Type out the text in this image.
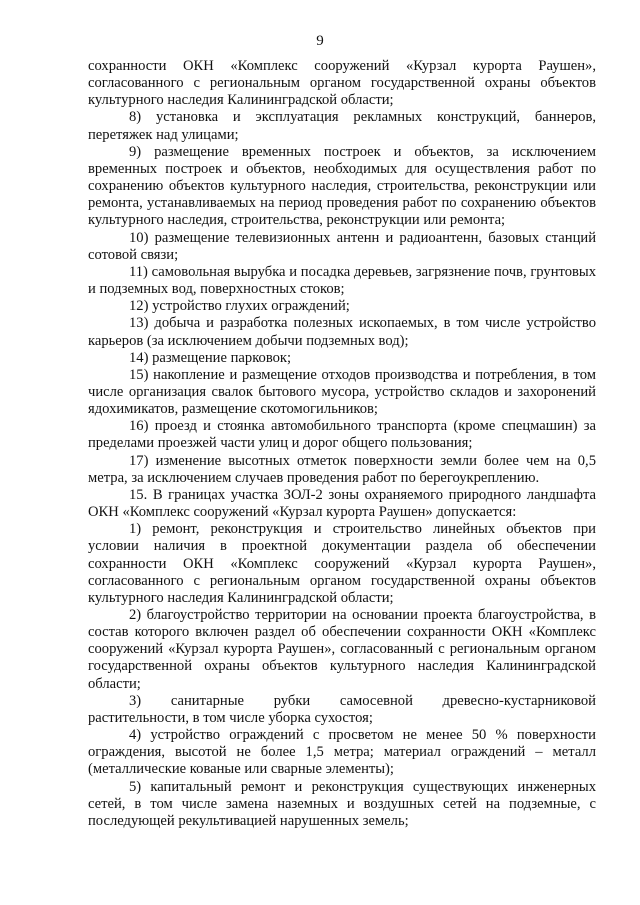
9

сохранности ОКН «Комплекс сооружений «Курзал курорта Раушен», согласованного с региональным органом государственной охраны объектов культурного наследия Калининградской области;

8) установка и эксплуатация рекламных конструкций, баннеров, перетяжек над улицами;

9) размещение временных построек и объектов, за исключением временных построек и объектов, необходимых для осуществления работ по сохранению объектов культурного наследия, строительства, реконструкции или ремонта, устанавливаемых на период проведения работ по сохранению объектов культурного наследия, строительства, реконструкции или ремонта;

10) размещение телевизионных антенн и радиоантенн, базовых станций сотовой связи;

11) самовольная вырубка и посадка деревьев, загрязнение почв, грунтовых и подземных вод, поверхностных стоков;

12) устройство глухих ограждений;

13) добыча и разработка полезных ископаемых, в том числе устройство карьеров (за исключением добычи подземных вод);

14) размещение парковок;

15) накопление и размещение отходов производства и потребления, в том числе организация свалок бытового мусора, устройство складов и захоронений ядохимикатов, размещение скотомогильников;

16) проезд и стоянка автомобильного транспорта (кроме спецмашин) за пределами проезжей части улиц и дорог общего пользования;

17) изменение высотных отметок поверхности земли более чем на 0,5 метра, за исключением случаев проведения работ по берегоукреплению.

15. В границах участка ЗОЛ-2 зоны охраняемого природного ландшафта ОКН «Комплекс сооружений «Курзал курорта Раушен» допускается:

1) ремонт, реконструкция и строительство линейных объектов при условии наличия в проектной документации раздела об обеспечении сохранности ОКН «Комплекс сооружений «Курзал курорта Раушен», согласованного с региональным органом государственной охраны объектов культурного наследия Калининградской области;

2) благоустройство территории на основании проекта благоустройства, в состав которого включен раздел об обеспечении сохранности ОКН «Комплекс сооружений «Курзал курорта Раушен», согласованный с региональным органом государственной охраны объектов культурного наследия Калининградской области;

3) санитарные рубки самосевной древесно-кустарниковой растительности, в том числе уборка сухостоя;

4) устройство ограждений с просветом не менее 50 % поверхности ограждения, высотой не более 1,5 метра; материал ограждений – металл (металлические кованые или сварные элементы);

5) капитальный ремонт и реконструкция существующих инженерных сетей, в том числе замена наземных и воздушных сетей на подземные, с последующей рекультивацией нарушенных земель;
